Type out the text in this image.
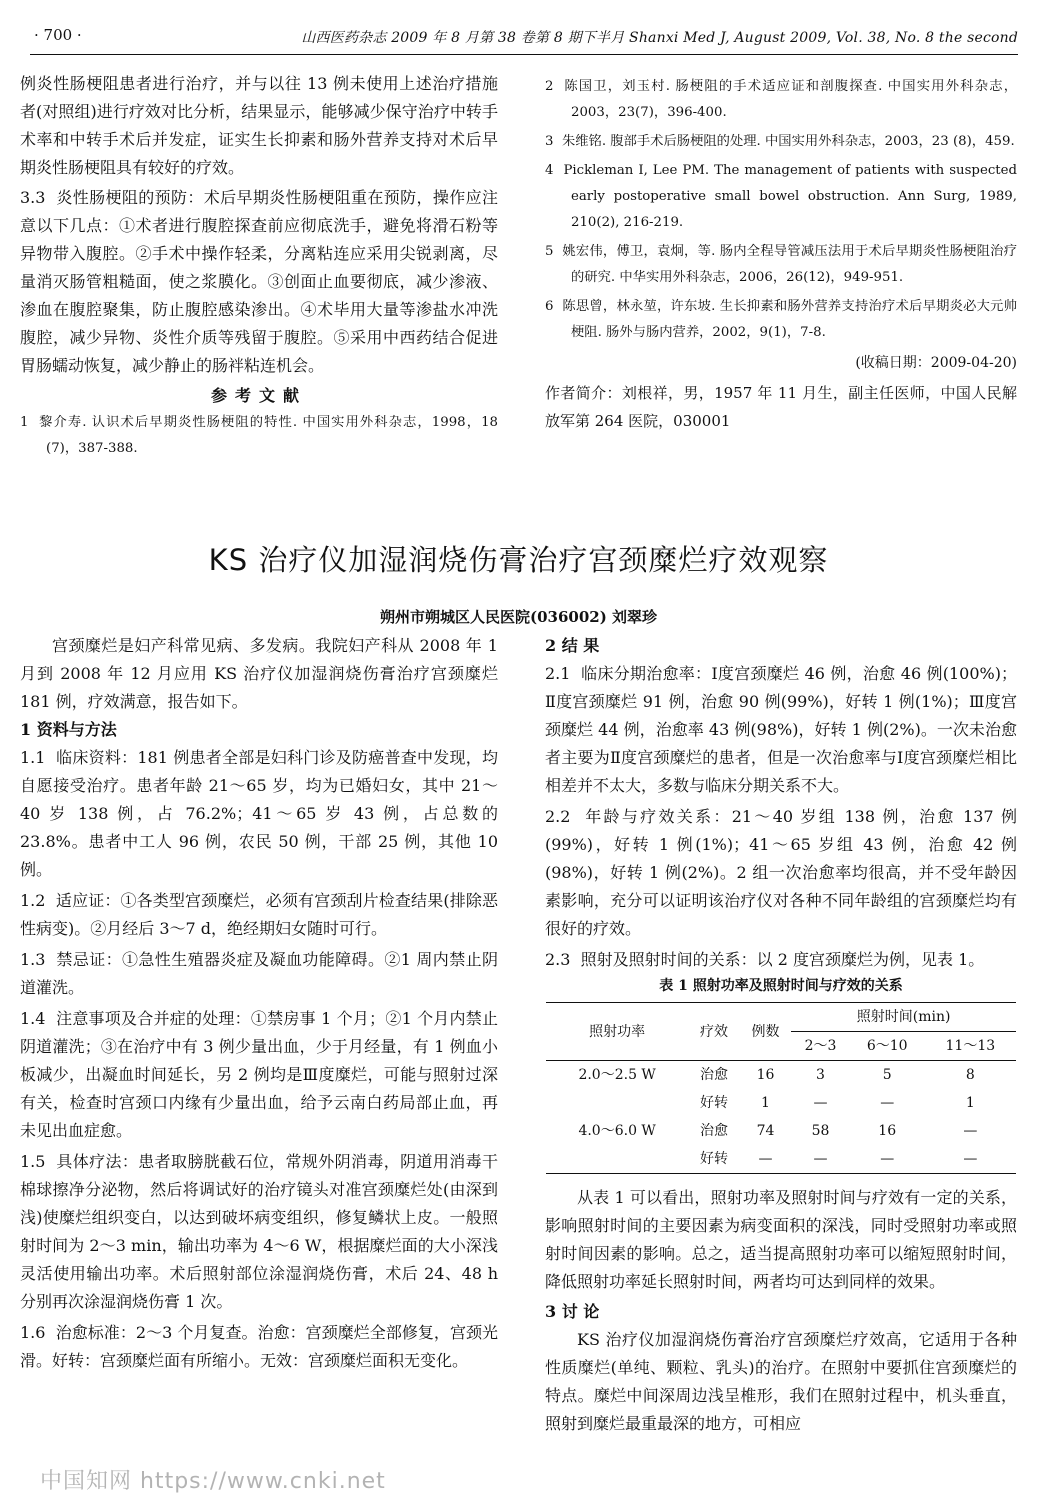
· 700 ·	山西医药杂志 2009 年 8 月第 38 卷第 8 期下半月 Shanxi Med J, August 2009, Vol. 38, No. 8 the second

例炎性肠梗阻患者进行治疗，并与以往 13 例未使用上述治疗措施者(对照组)进行疗效对比分析，结果显示，能够减少保守治疗中转手术率和中转手术后并发症，证实生长抑素和肠外营养支持对术后早期炎性肠梗阻具有较好的疗效。

3.3 炎性肠梗阻的预防：术后早期炎性肠梗阻重在预防，操作应注意以下几点：①术者进行腹腔探查前应彻底洗手，避免将滑石粉等异物带入腹腔。②手术中操作轻柔，分离粘连应采用尖锐剥离，尽量消灭肠管粗糙面，使之浆膜化。③创面止血要彻底，减少渗液、渗血在腹腔聚集，防止腹腔感染渗出。④术毕用大量等渗盐水冲洗腹腔，减少异物、炎性介质等残留于腹腔。⑤采用中西药结合促进胃肠蠕动恢复，减少静止的肠袢粘连机会。

参考文献
1 黎介寿. 认识术后早期炎性肠梗阻的特性. 中国实用外科杂志，1998，18 (7)，387-388.
2 陈国卫，刘玉村. 肠梗阻的手术适应证和剖腹探查. 中国实用外科杂志，2003，23(7)，396-400.
3 朱维铭. 腹部手术后肠梗阻的处理. 中国实用外科杂志，2003，23 (8)，459.
4 Pickleman I, Lee PM. The management of patients with suspected early postoperative small bowel obstruction. Ann Surg, 1989, 210(2), 216-219.
5 姚宏伟，傅卫，袁炯，等. 肠内全程导管减压法用于术后早期炎性肠梗阻治疗的研究. 中华实用外科杂志，2006，26(12)，949-951.
6 陈思曾，林永堃，许东坡. 生长抑素和肠外营养支持治疗术后早期炎必大元帅梗阻. 肠外与肠内营养，2002，9(1)，7-8.
(收稿日期：2009-04-20)

作者简介：刘根祥，男，1957 年 11 月生，副主任医师，中国人民解放军第 264 医院，030001

KS 治疗仪加湿润烧伤膏治疗宫颈糜烂疗效观察
朔州市朔城区人民医院(036002) 刘翠珍

宫颈糜烂是妇产科常见病、多发病。我院妇产科从 2008 年 1 月到 2008 年 12 月应用 KS 治疗仪加湿润烧伤膏治疗宫颈糜烂 181 例，疗效满意，报告如下。

1 资料与方法

1.1 临床资料：181 例患者全部是妇科门诊及防癌普查中发现，均自愿接受治疗。患者年龄 21～65 岁，均为已婚妇女，其中 21～40 岁 138 例，占 76.2%；41～65 岁 43 例，占总数的 23.8%。患者中工人 96 例，农民 50 例，干部 25 例，其他 10 例。

1.2 适应证：①各类型宫颈糜烂，必须有宫颈刮片检查结果(排除恶性病变)。②月经后 3～7 d，绝经期妇女随时可行。

1.3 禁忌证：①急性生殖器炎症及凝血功能障碍。②1 周内禁止阴道灌洗。

1.4 注意事项及合并症的处理：①禁房事 1 个月；②1 个月内禁止阴道灌洗；③在治疗中有 3 例少量出血，少于月经量，有 1 例血小板减少，出凝血时间延长，另 2 例均是Ⅲ度糜烂，可能与照射过深有关，检查时宫颈口内缘有少量出血，给予云南白药局部止血，再未见出血症愈。

1.5 具体疗法：患者取膀胱截石位，常规外阴消毒，阴道用消毒干棉球擦净分泌物，然后将调试好的治疗镜头对准宫颈糜烂处(由深到浅)使糜烂组织变白，以达到破坏病变组织，修复鳞状上皮。一般照射时间为 2～3 min，输出功率为 4～6 W，根据糜烂面的大小深浅灵活使用输出功率。术后照射部位涂湿润烧伤膏，术后 24、48 h 分别再次涂湿润烧伤膏 1 次。

1.6 治愈标准：2～3 个月复查。治愈：宫颈糜烂全部修复，宫颈光滑。好转：宫颈糜烂面有所缩小。无效：宫颈糜烂面积无变化。

2 结 果

2.1 临床分期治愈率：Ⅰ度宫颈糜烂 46 例，治愈 46 例(100%)；Ⅱ度宫颈糜烂 91 例，治愈 90 例(99%)，好转 1 例(1%)；Ⅲ度宫颈糜烂 44 例，治愈率 43 例(98%)，好转 1 例(2%)。一次未治愈者主要为Ⅱ度宫颈糜烂的患者，但是一次治愈率与Ⅰ度宫颈糜烂相比相差并不太大，多数与临床分期关系不大。

2.2 年龄与疗效关系：21～40 岁组 138 例，治愈 137 例(99%)，好转 1 例(1%)；41～65 岁组 43 例，治愈 42 例(98%)，好转 1 例(2%)。2 组一次治愈率均很高，并不受年龄因素影响，充分可以证明该治疗仪对各种不同年龄组的宫颈糜烂均有很好的疗效。

2.3 照射及照射时间的关系：以 2 度宫颈糜烂为例，见表 1。

表 1 照射功率及照射时间与疗效的关系
照射功率	疗效	例数	照射时间(min)		
			2～3	6～10	11～13
2.0～2.5 W	治愈	16	3	5	8
	好转	1	—	—	1
4.0～6.0 W	治愈	74	58	16	—
	好转	—	—	—	—

从表 1 可以看出，照射功率及照射时间与疗效有一定的关系，影响照射时间的主要因素为病变面积的深浅，同时受照射功率或照射时间因素的影响。总之，适当提高照射功率可以缩短照射时间，降低照射功率延长照射时间，两者均可达到同样的效果。

3 讨 论

KS 治疗仪加湿润烧伤膏治疗宫颈糜烂疗效高，它适用于各种性质糜烂(单纯、颗粒、乳头)的治疗。在照射中要抓住宫颈糜烂的特点。糜烂中间深周边浅呈椎形，我们在照射过程中，机头垂直，照射到糜烂最重最深的地方，可相应

中国知网 https://www.cnki.net
